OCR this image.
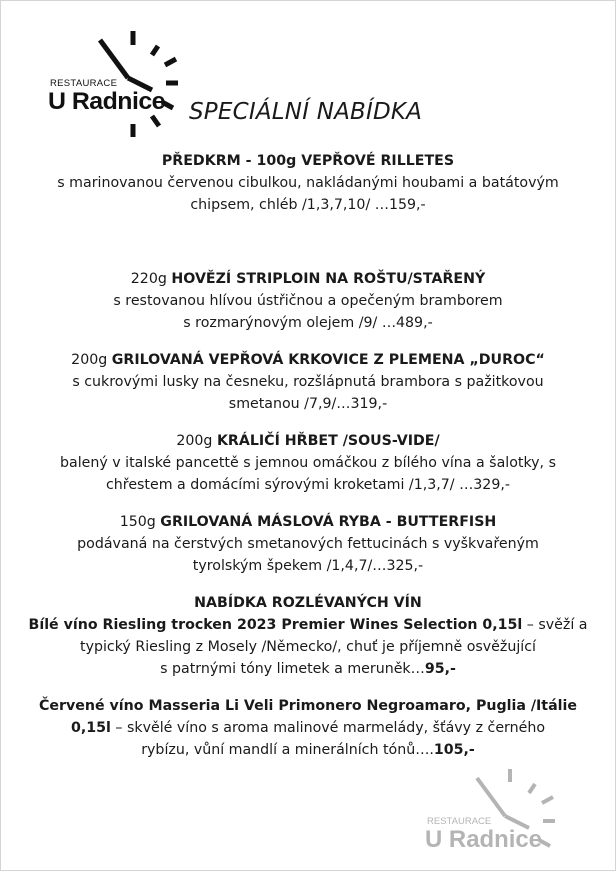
RESTAURACE
U Radnice SPECIÁLNÍ NABÍDKA
PŘEDKRM - 100g VEPŘOVÉ RILLETES
s marinovanou červenou cibulkou, nakládanými houbami a batátovým
chipsem, chléb /1,3,7,10/ …159,-
220g HOVĚZÍ STRIPLOIN NA ROŠTU/STAŘENÝ
s restovanou hlívou ústřičnou a opečeným bramborem
s rozmarýnovým olejem /9/ …489,-
200g GRILOVANÁ VEPŘOVÁ KRKOVICE Z PLEMENA „DUROC“
s cukrovými lusky na česneku, rozšlápnutá brambora s pažitkovou
smetanou /7,9/…319,-
200g KRÁLIČÍ HŘBET /SOUS-VIDE/
balený v italské pancettě s jemnou omáčkou z bílého vína a šalotky, s
chřestem a domácími sýrovými kroketami /1,3,7/ …329,-
150g GRILOVANÁ MÁSLOVÁ RYBA - BUTTERFISH
podávaná na čerstvých smetanových fettucinách s vyškvařeným
tyrolským špekem /1,4,7/…325,-
NABÍDKA ROZLÉVANÝCH VÍN
Bílé víno Riesling trocken 2023 Premier Wines Selection 0,15l – svěží a
typický Riesling z Mosely /Německo/, chuť je příjemně osvěžující
s patrnými tóny limetek a meruněk…95,-
Červené víno Masseria Li Veli Primonero Negroamaro, Puglia /Itálie
0,15l – skvělé víno s aroma malinové marmelády, šťávy z černého
rybízu, vůní mandlí a minerálních tónů….105,-
RESTAURACE
U Radnice
